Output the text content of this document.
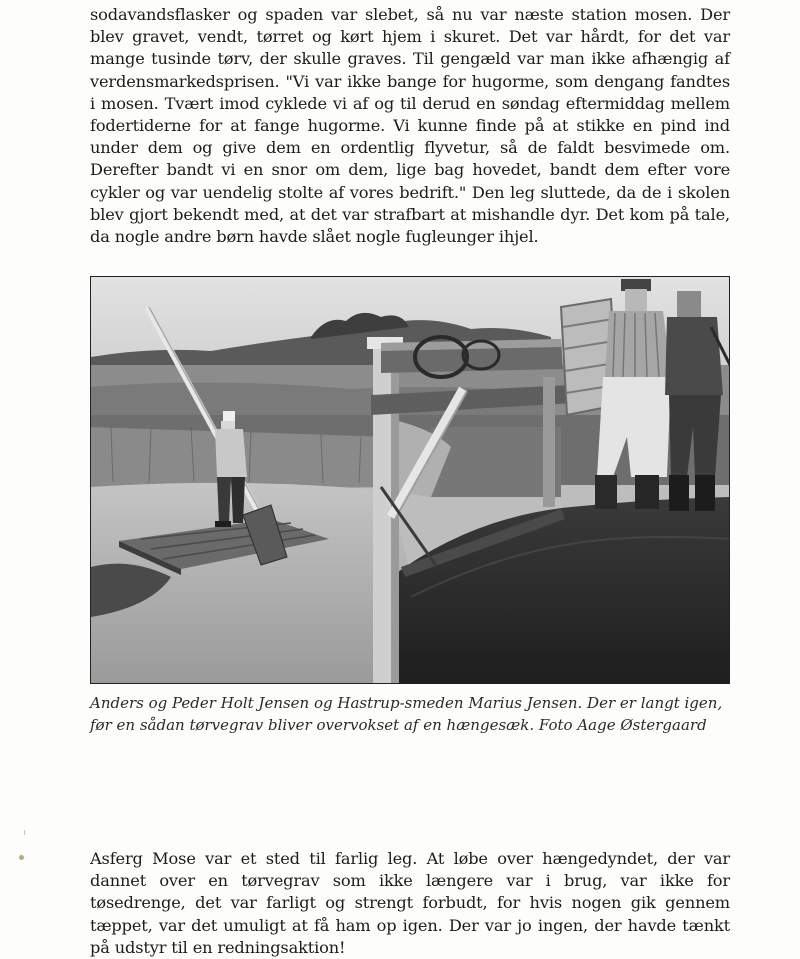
sodavandsflasker og spaden var slebet, så nu var næste station mosen. Der blev gravet, vendt, tørret og kørt hjem i skuret. Det var hårdt, for det var mange tusinde tørv, der skulle graves. Til gengæld var man ikke afhængig af verdensmarkedsprisen. "Vi var ikke bange for hugorme, som dengang fandtes i mosen. Tvært imod cyklede vi af og til derud en søndag eftermiddag mellem fodertiderne for at fange hugorme. Vi kunne finde på at stikke en pind ind under dem og give dem en ordentlig flyvetur, så de faldt besvimede om. Derefter bandt vi en snor om dem, lige bag hovedet, bandt dem efter vore cykler og var uendelig stolte af vores bedrift." Den leg sluttede, da de i skolen blev gjort bekendt med, at det var strafbart at mishandle dyr. Det kom på tale, da nogle andre børn havde slået nogle fugleunger ihjel.

Anders og Peder Holt Jensen og Hastrup-smeden Marius Jensen. Der er langt igen, før en sådan tørvegrav bliver overvokset af en hængesæk. Foto Aage Østergaard

Asferg Mose var et sted til farlig leg. At løbe over hængedyndet, der var dannet over en tørvegrav som ikke længere var i brug, var ikke for tøsedrenge, det var farligt og strengt forbudt, for hvis nogen gik gennem tæppet, var det umuligt at få ham op igen. Der var jo ingen, der havde tænkt på udstyr til en redningsaktion!
